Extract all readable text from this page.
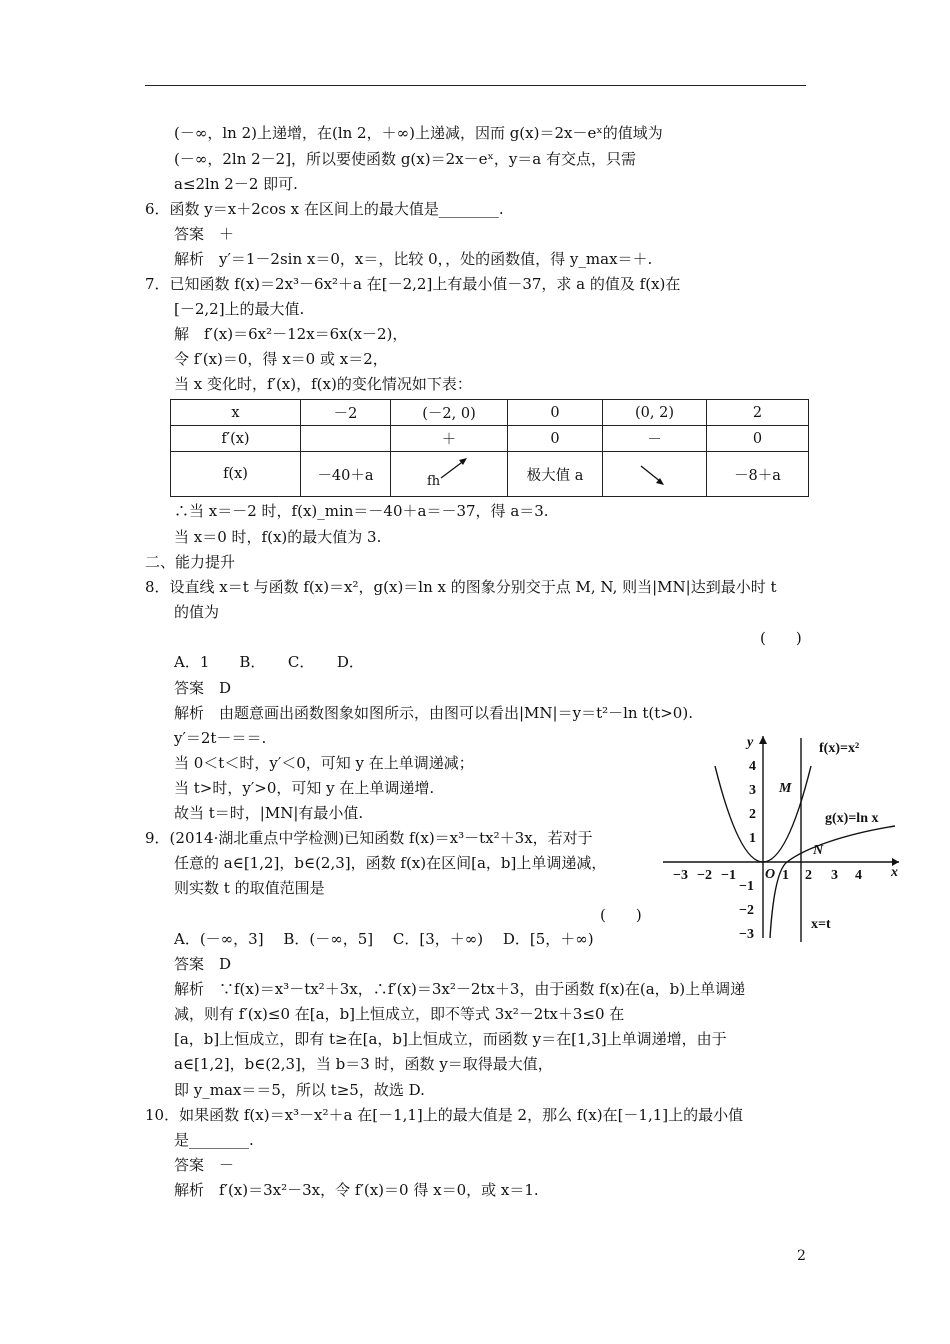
(－∞，ln 2)上递增，在(ln 2，＋∞)上递减，因而 g(x)＝2x－eˣ的值域为
(－∞，2ln 2－2]，所以要使函数 g(x)＝2x－eˣ，y＝a 有交点，只需
a≤2ln 2－2 即可.
6．函数 y＝x＋2cos x 在区间上的最大值是________.
答案　＋
解析　y′＝1－2sin x＝0，x＝，比较 0，，处的函数值，得 y_max＝＋.
7．已知函数 f(x)＝2x³－6x²＋a 在[－2,2]上有最小值－37，求 a 的值及 f(x)在
[－2,2]上的最大值.
解　f′(x)＝6x²－12x＝6x(x－2)，
令 f′(x)＝0，得 x＝0 或 x＝2，
当 x 变化时，f′(x)，f(x)的变化情况如下表：
x	－2	(－2, 0)	0	(0, 2)	2
f′(x)		＋	0	－	0
f(x)	－40＋a	fh	极大值 a		－8＋a
∴当 x＝－2 时，f(x)_min＝－40＋a＝－37，得 a＝3.
当 x＝0 时，f(x)的最大值为 3.
二、能力提升
8．设直线 x＝t 与函数 f(x)＝x²，g(x)＝ln x 的图象分别交于点 M, N, 则当|MN|达到最小时 t
的值为
(　　)
A．1　　B．　　C．　　D．
答案　D
解析　由题意画出函数图象如图所示，由图可以看出|MN|＝y＝t²－ln t(t>0).
y′＝2t－＝＝.
当 0＜t＜时，y′＜0，可知 y 在上单调递减；
当 t>时，y′>0，可知 y 在上单调递增.
故当 t＝时，|MN|有最小值.
9．(2014·湖北重点中学检测)已知函数 f(x)＝x³－tx²＋3x，若对于
任意的 a∈[1,2]，b∈(2,3]，函数 f(x)在区间[a，b]上单调递减，
则实数 t 的取值范围是
(　　)
A．(－∞，3]　 B．(－∞，5]　 C．[3，＋∞)　 D．[5，＋∞)
答案　D
解析　∵f(x)＝x³－tx²＋3x，∴f′(x)＝3x²－2tx＋3，由于函数 f(x)在(a，b)上单调递
减，则有 f′(x)≤0 在[a，b]上恒成立，即不等式 3x²－2tx＋3≤0 在
[a，b]上恒成立，即有 t≥在[a，b]上恒成立，而函数 y＝在[1,3]上单调递增，由于
a∈[1,2]，b∈(2,3]，当 b＝3 时，函数 y＝取得最大值，
即 y_max＝＝5，所以 t≥5，故选 D.
10．如果函数 f(x)＝x³－x²＋a 在[－1,1]上的最大值是 2，那么 f(x)在[－1,1]上的最小值
是________.
答案　－
解析　f′(x)＝3x²－3x，令 f′(x)＝0 得 x＝0，或 x＝1.
y
x
O
f(x)=x²
g(x)=ln x
x=t
M
N
−3 −2 −1	1 2 3 4
4
3
2
1
−1
−2
−3
2
